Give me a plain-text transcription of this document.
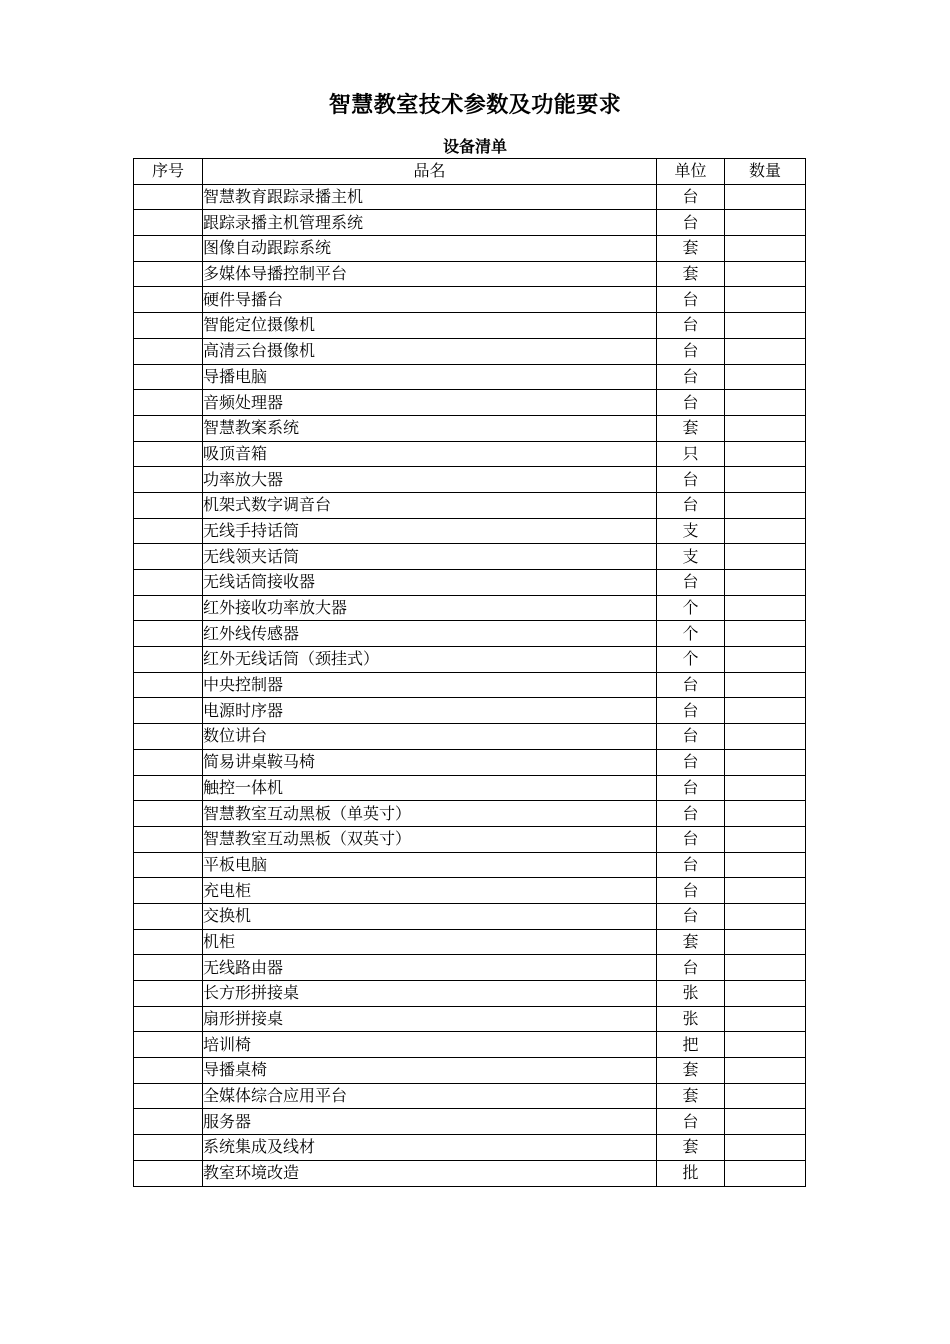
智慧教室技术参数及功能要求
设备清单
序号	品名	单位	数量
	智慧教育跟踪录播主机	台	
	跟踪录播主机管理系统	台	
	图像自动跟踪系统	套	
	多媒体导播控制平台	套	
	硬件导播台	台	
	智能定位摄像机	台	
	高清云台摄像机	台	
	导播电脑	台	
	音频处理器	台	
	智慧教案系统	套	
	吸顶音箱	只	
	功率放大器	台	
	机架式数字调音台	台	
	无线手持话筒	支	
	无线领夹话筒	支	
	无线话筒接收器	台	
	红外接收功率放大器	个	
	红外线传感器	个	
	红外无线话筒（颈挂式）	个	
	中央控制器	台	
	电源时序器	台	
	数位讲台	台	
	简易讲桌鞍马椅	台	
	触控一体机	台	
	智慧教室互动黑板（单英寸）	台	
	智慧教室互动黑板（双英寸）	台	
	平板电脑	台	
	充电柜	台	
	交换机	台	
	机柜	套	
	无线路由器	台	
	长方形拼接桌	张	
	扇形拼接桌	张	
	培训椅	把	
	导播桌椅	套	
	全媒体综合应用平台	套	
	服务器	台	
	系统集成及线材	套	
	教室环境改造	批	
